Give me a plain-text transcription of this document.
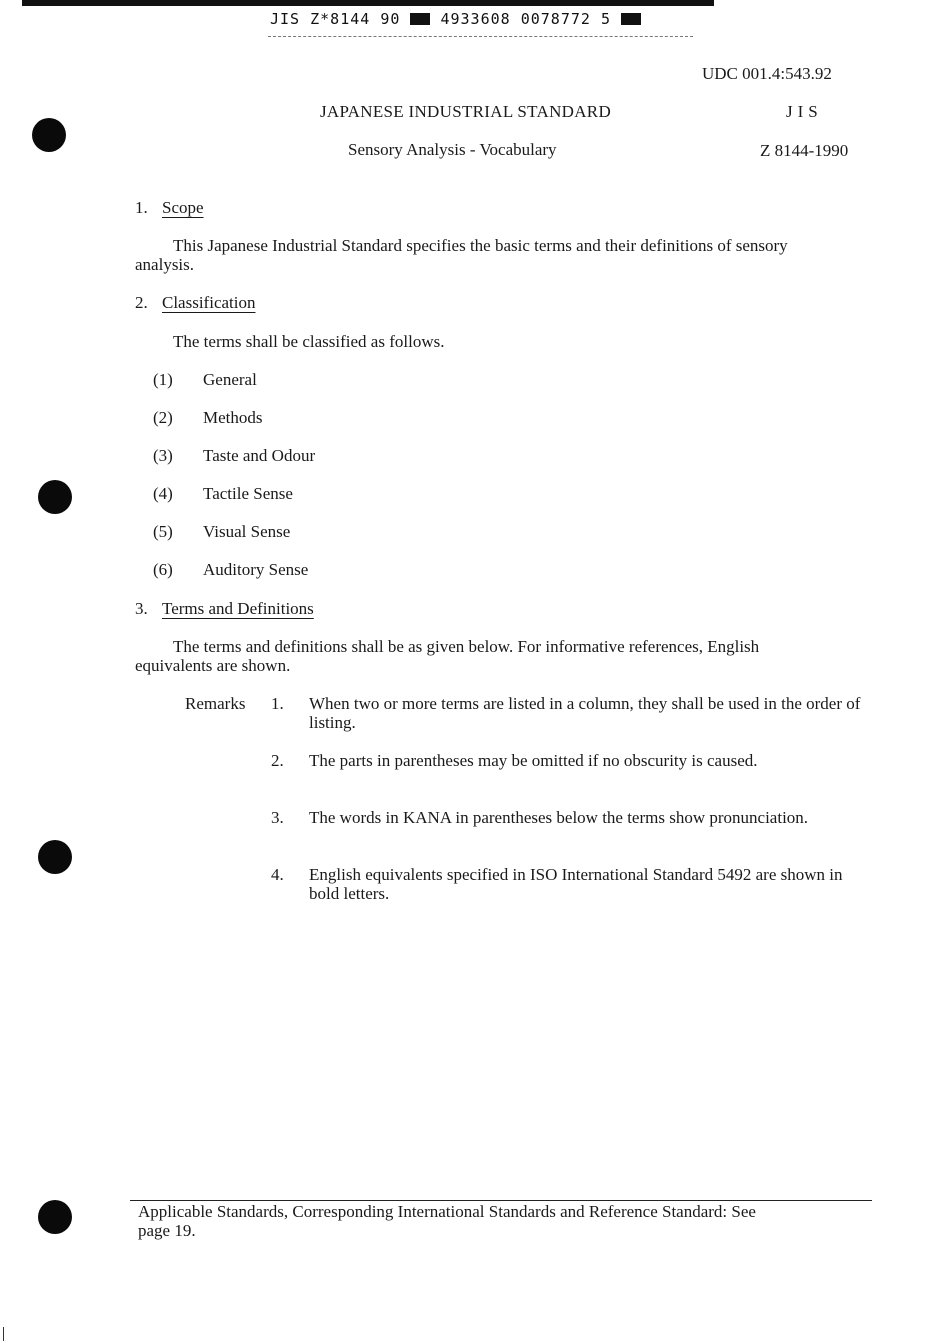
JIS Z*8144 90	4933608 0078772 5
UDC 001.4:543.92
JAPANESE INDUSTRIAL STANDARD	JIS
Sensory Analysis - Vocabulary	Z 8144-1990
1. Scope
This Japanese Industrial Standard specifies the basic terms and their definitions of sensory analysis.
2. Classification
The terms shall be classified as follows.
(1) General
(2) Methods
(3) Taste and Odour
(4) Tactile Sense
(5) Visual Sense
(6) Auditory Sense
3. Terms and Definitions
The terms and definitions shall be as given below. For informative references, English equivalents are shown.
Remarks 1. When two or more terms are listed in a column, they shall be used in the order of listing.
2. The parts in parentheses may be omitted if no obscurity is caused.
3. The words in KANA in parentheses below the terms show pronunciation.
4. English equivalents specified in ISO International Standard 5492 are shown in bold letters.
Applicable Standards, Corresponding International Standards and Reference Standard: See page 19.
